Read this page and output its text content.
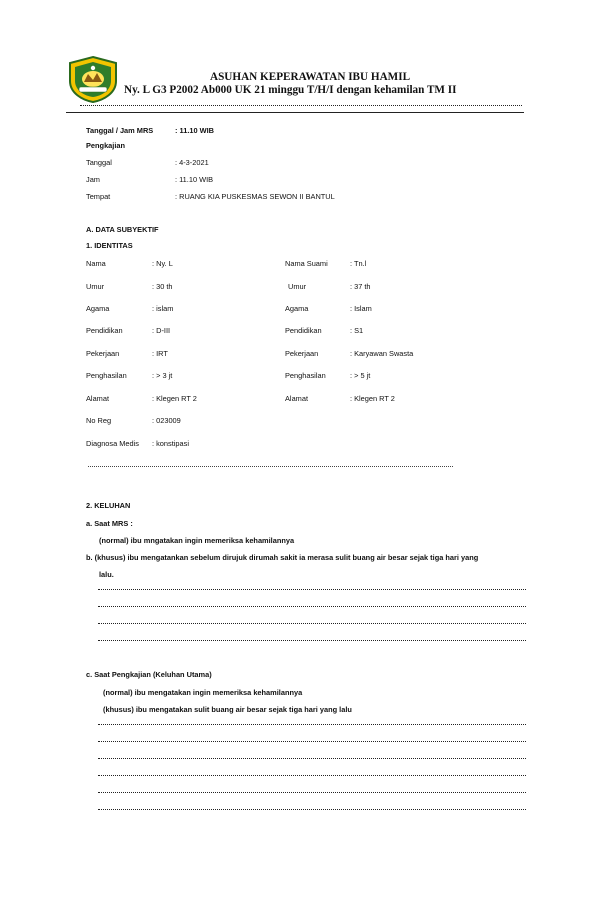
ASUHAN KEPERAWATAN IBU HAMIL
Ny. L G3 P2002 Ab000 UK 21 minggu T/H/I dengan kehamilan TM II
Tanggal / Jam MRS	: 11.10 WIB
Pengkajian
Tanggal	: 4-3-2021
Jam	: 11.10 WIB
Tempat	: RUANG KIA PUSKESMAS SEWON II BANTUL
A. DATA SUBYEKTIF
1. IDENTITAS
Nama	: Ny. L
Umur	: 30 th
Agama	: islam
Pendidikan	: D-III
Pekerjaan	: IRT
Penghasilan	: > 3 jt
Alamat	: Klegen RT 2
No Reg	: 023009
Diagnosa Medis : konstipasi
Nama Suami	: Tn.l
Umur	: 37 th
Agama	: Islam
Pendidikan	: S1
Pekerjaan	: Karyawan Swasta
Penghasilan	: > 5 jt
Alamat	: Klegen RT 2
2. KELUHAN
a. Saat MRS :
(normal) ibu mngatakan ingin memeriksa kehamilannya
b. (khusus) ibu mengatankan sebelum dirujuk dirumah sakit ia merasa sulit buang air besar sejak tiga hari yang
lalu.
c. Saat Pengkajian (Keluhan Utama)
(normal) ibu mengatakan ingin memeriksa kehamilannya
(khusus) ibu mengatakan sulit buang air besar sejak tiga hari yang lalu
